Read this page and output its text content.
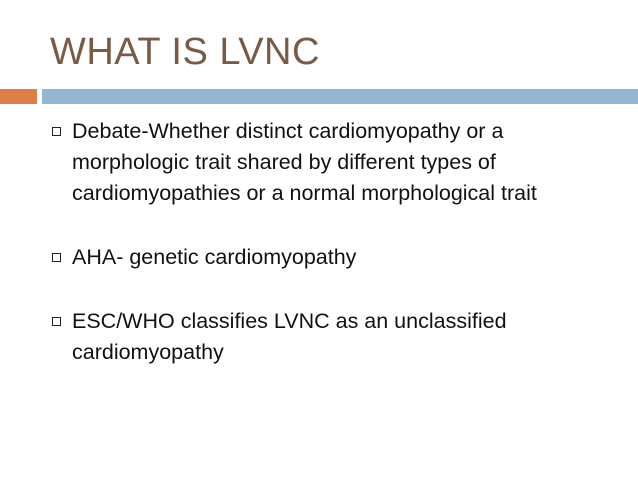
WHAT IS LVNC
Debate-Whether distinct cardiomyopathy or a morphologic trait shared by different types of cardiomyopathies or a normal morphological trait
AHA- genetic cardiomyopathy
ESC/WHO classifies LVNC as an unclassified cardiomyopathy
